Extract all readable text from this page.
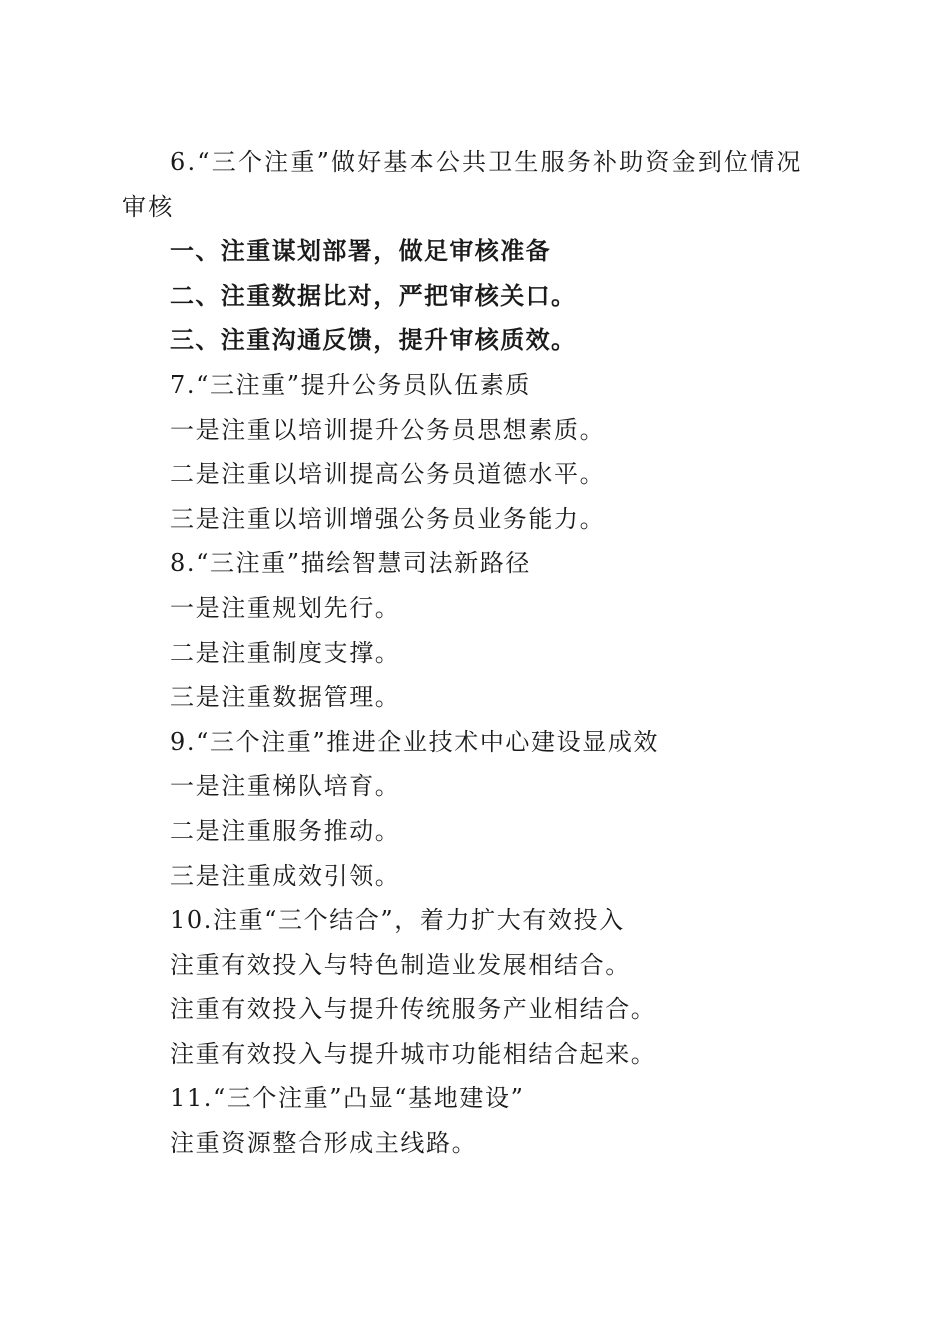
6.“三个注重”做好基本公共卫生服务补助资金到位情况审核
一、注重谋划部署，做足审核准备
二、注重数据比对，严把审核关口。
三、注重沟通反馈，提升审核质效。
7.“三注重”提升公务员队伍素质
一是注重以培训提升公务员思想素质。
二是注重以培训提高公务员道德水平。
三是注重以培训增强公务员业务能力。
8.“三注重”描绘智慧司法新路径
一是注重规划先行。
二是注重制度支撑。
三是注重数据管理。
9.“三个注重”推进企业技术中心建设显成效
一是注重梯队培育。
二是注重服务推动。
三是注重成效引领。
10.注重“三个结合”，着力扩大有效投入
注重有效投入与特色制造业发展相结合。
注重有效投入与提升传统服务产业相结合。
注重有效投入与提升城市功能相结合起来。
11.“三个注重”凸显“基地建设”
注重资源整合形成主线路。
